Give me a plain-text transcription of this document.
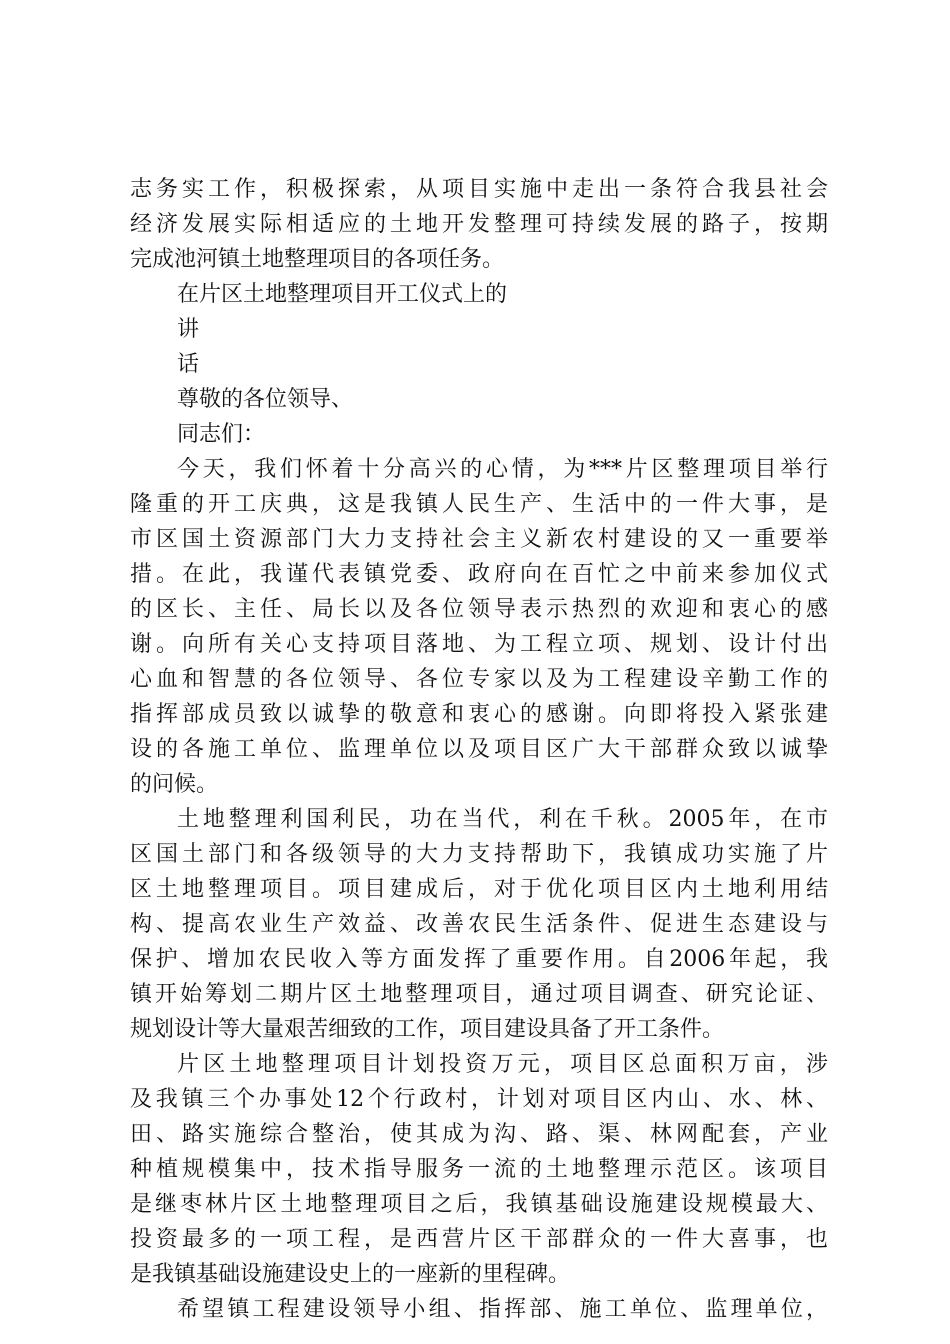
志务实工作，积极探索，从项目实施中走出一条符合我县社会
经济发展实际相适应的土地开发整理可持续发展的路子，按期
完成池河镇土地整理项目的各项任务。
在片区土地整理项目开工仪式上的
讲
话
尊敬的各位领导、
同志们：
今天，我们怀着十分高兴的心情，为***片区整理项目举行
隆重的开工庆典，这是我镇人民生产、生活中的一件大事，是
市区国土资源部门大力支持社会主义新农村建设的又一重要举
措。在此，我谨代表镇党委、政府向在百忙之中前来参加仪式
的区长、主任、局长以及各位领导表示热烈的欢迎和衷心的感
谢。向所有关心支持项目落地、为工程立项、规划、设计付出
心血和智慧的各位领导、各位专家以及为工程建设辛勤工作的
指挥部成员致以诚挚的敬意和衷心的感谢。向即将投入紧张建
设的各施工单位、监理单位以及项目区广大干部群众致以诚挚
的问候。
土地整理利国利民，功在当代，利在千秋。2005年，在市
区国土部门和各级领导的大力支持帮助下，我镇成功实施了片
区土地整理项目。项目建成后，对于优化项目区内土地利用结
构、提高农业生产效益、改善农民生活条件、促进生态建设与
保护、增加农民收入等方面发挥了重要作用。自2006年起，我
镇开始筹划二期片区土地整理项目，通过项目调查、研究论证、
规划设计等大量艰苦细致的工作，项目建设具备了开工条件。
片区土地整理项目计划投资万元，项目区总面积万亩，涉
及我镇三个办事处12个行政村，计划对项目区内山、水、林、
田、路实施综合整治，使其成为沟、路、渠、林网配套，产业
种植规模集中，技术指导服务一流的土地整理示范区。该项目
是继枣林片区土地整理项目之后，我镇基础设施建设规模最大、
投资最多的一项工程，是西营片区干部群众的一件大喜事，也
是我镇基础设施建设史上的一座新的里程碑。
希望镇工程建设领导小组、指挥部、施工单位、监理单位，
